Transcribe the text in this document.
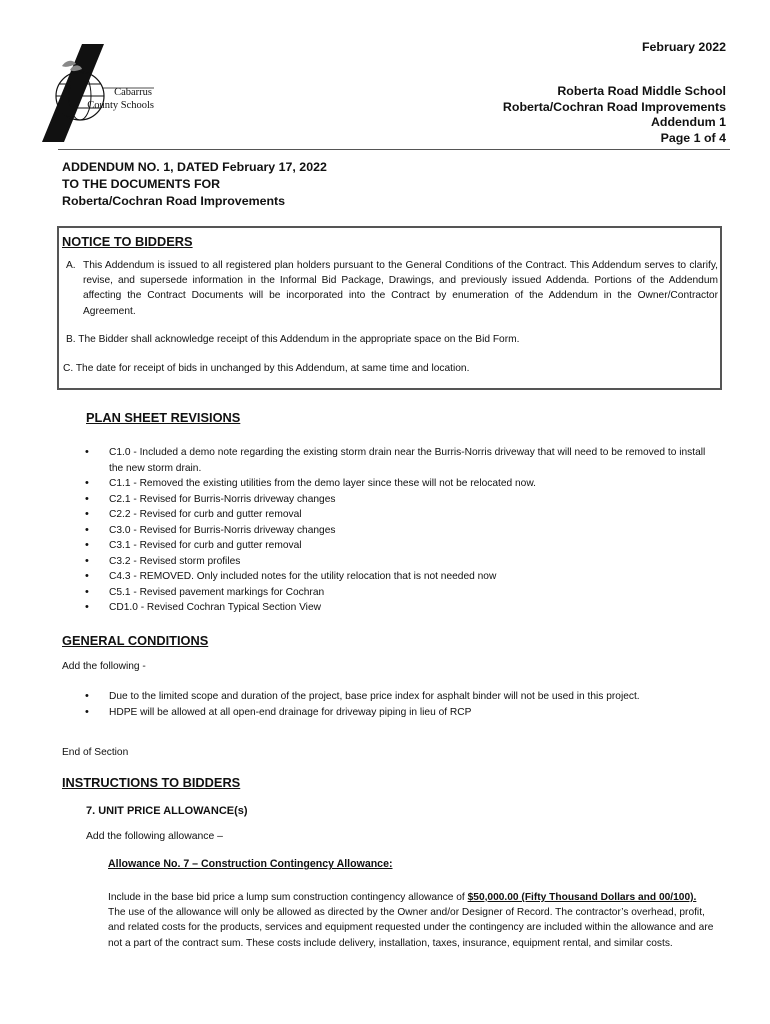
Cabarrus
County Schools
February 2022
Roberta Road Middle School
Roberta/Cochran Road Improvements
Addendum 1
Page 1 of 4
ADDENDUM NO. 1, DATED February 17, 2022
TO THE DOCUMENTS FOR
Roberta/Cochran Road Improvements
NOTICE TO BIDDERS
A. This Addendum is issued to all registered plan holders pursuant to the General Conditions of the Contract. This Addendum serves to clarify, revise, and supersede information in the Informal Bid Package, Drawings, and previously issued Addenda. Portions of the Addendum affecting the Contract Documents will be incorporated into the Contract by enumeration of the Addendum in the Owner/Contractor Agreement.
B. The Bidder shall acknowledge receipt of this Addendum in the appropriate space on the Bid Form.
C. The date for receipt of bids in unchanged by this Addendum, at same time and location.
PLAN SHEET REVISIONS
• C1.0 - Included a demo note regarding the existing storm drain near the Burris-Norris driveway that will need to be removed to install the new storm drain.
• C1.1 - Removed the existing utilities from the demo layer since these will not be relocated now.
• C2.1 - Revised for Burris-Norris driveway changes
• C2.2 - Revised for curb and gutter removal
• C3.0 - Revised for Burris-Norris driveway changes
• C3.1 - Revised for curb and gutter removal
• C3.2 - Revised storm profiles
• C4.3 - REMOVED. Only included notes for the utility relocation that is not needed now
• C5.1 - Revised pavement markings for Cochran
• CD1.0 - Revised Cochran Typical Section View
GENERAL CONDITIONS
Add the following -
• Due to the limited scope and duration of the project, base price index for asphalt binder will not be used in this project.
• HDPE will be allowed at all open-end drainage for driveway piping in lieu of RCP
End of Section
INSTRUCTIONS TO BIDDERS
7. UNIT PRICE ALLOWANCE(s)
Add the following allowance –
Allowance No. 7 – Construction Contingency Allowance:
Include in the base bid price a lump sum construction contingency allowance of $50,000.00 (Fifty Thousand Dollars and 00/100). The use of the allowance will only be allowed as directed by the Owner and/or Designer of Record. The contractor’s overhead, profit, and related costs for the products, services and equipment requested under the contingency are included within the allowance and are not a part of the contract sum. These costs include delivery, installation, taxes, insurance, equipment rental, and similar costs.
